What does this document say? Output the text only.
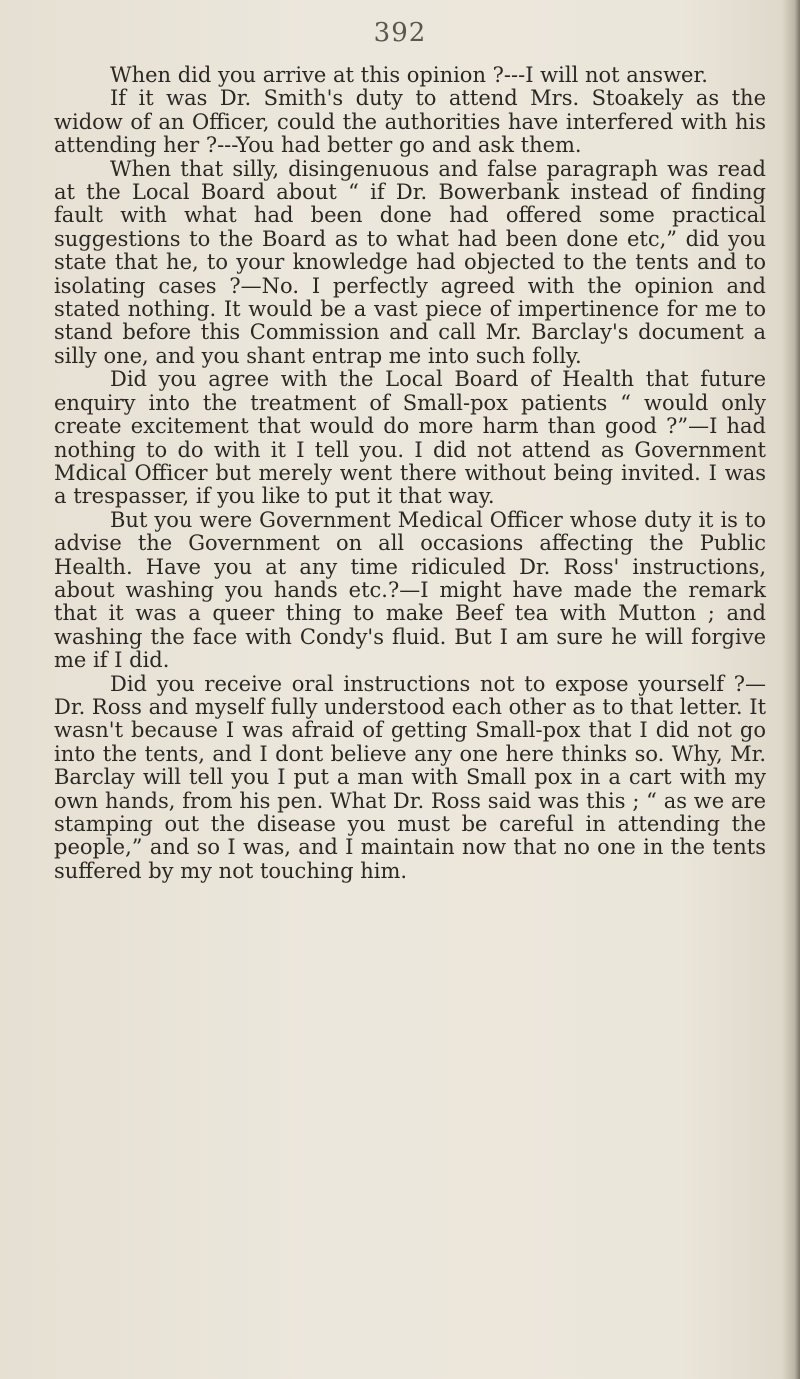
392

When did you arrive at this opinion ?---I will not answer.

If it was Dr. Smith's duty to attend Mrs. Stoakely as the widow of an Officer, could the authorities have interfered with his attending her ?---You had better go and ask them.

When that silly, disingenuous and false paragraph was read at the Local Board about “ if Dr. Bowerbank instead of finding fault with what had been done had offered some practical suggestions to the Board as to what had been done etc,” did you state that he, to your knowledge had objected to the tents and to isolating cases ?—No. I perfectly agreed with the opinion and stated nothing. It would be a vast piece of impertinence for me to stand before this Commission and call Mr. Barclay's document a silly one, and you shant entrap me into such folly.

Did you agree with the Local Board of Health that future enquiry into the treatment of Small-pox patients “ would only create excitement that would do more harm than good ?”—I had nothing to do with it I tell you. I did not attend as Government Mdical Officer but merely went there without being invited. I was a trespasser, if you like to put it that way.

But you were Government Medical Officer whose duty it is to advise the Government on all occasions affecting the Public Health. Have you at any time ridiculed Dr. Ross' instructions, about washing you hands etc.?—I might have made the remark that it was a queer thing to make Beef tea with Mutton ; and washing the face with Condy's fluid. But I am sure he will forgive me if I did.

Did you receive oral instructions not to expose yourself ?—Dr. Ross and myself fully understood each other as to that letter. It wasn't because I was afraid of getting Small-pox that I did not go into the tents, and I dont believe any one here thinks so. Why, Mr. Barclay will tell you I put a man with Small pox in a cart with my own hands, from his pen. What Dr. Ross said was this ; “ as we are stamping out the disease you must be careful in attending the people,” and so I was, and I maintain now that no one in the tents suffered by my not touching him.
